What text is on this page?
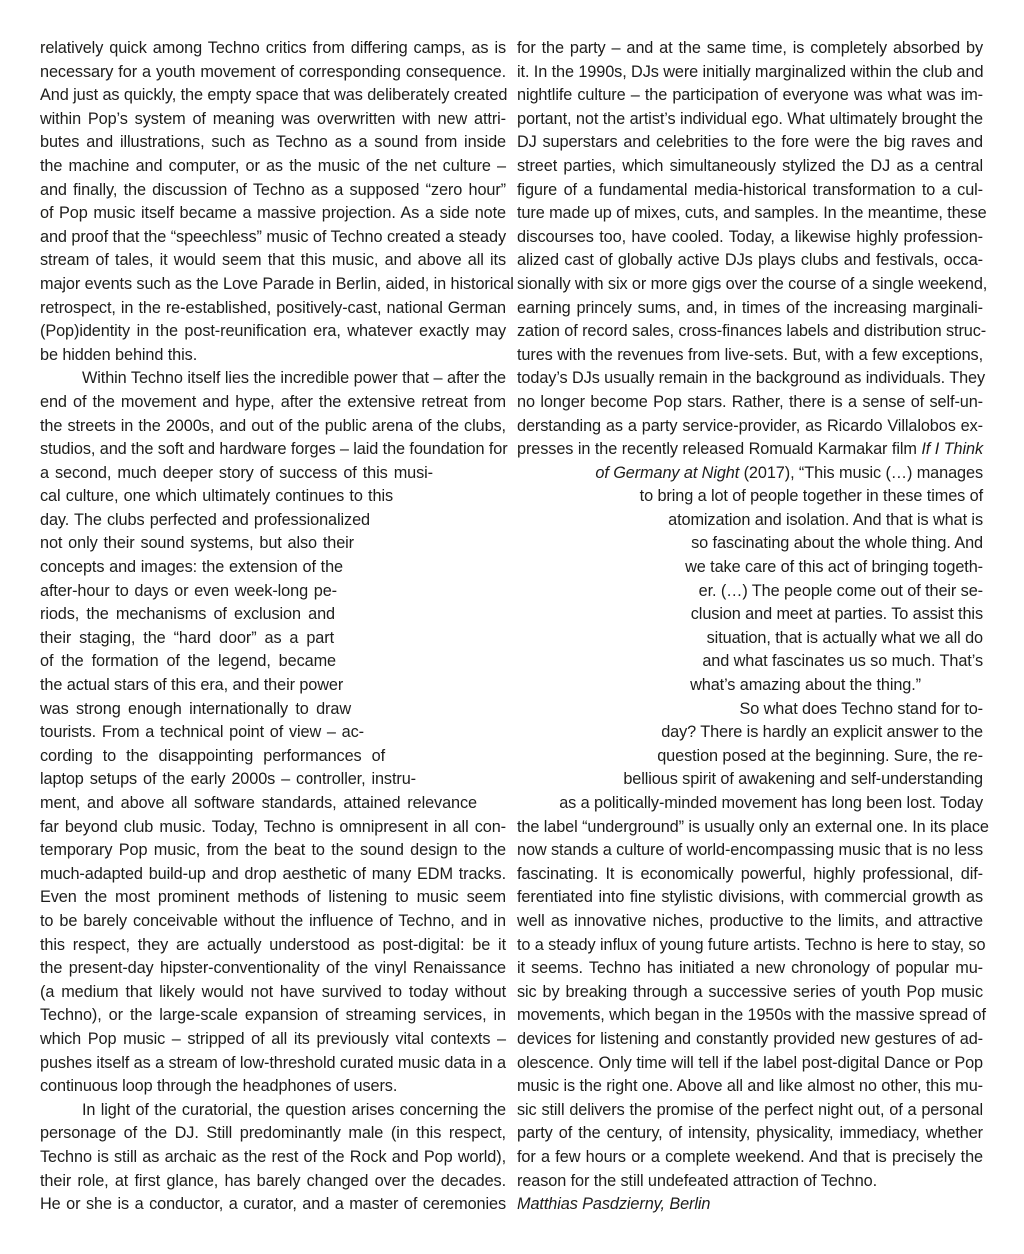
relatively quick among Techno critics from differing camps, as is
necessary for a youth movement of corresponding consequence.
And just as quickly, the empty space that was deliberately created
within Pop’s system of meaning was overwritten with new attri-
butes and illustrations, such as Techno as a sound from inside
the machine and computer, or as the music of the net culture –
and finally, the discussion of Techno as a supposed “zero hour”
of Pop music itself became a massive projection. As a side note
and proof that the “speechless” music of Techno created a steady
stream of tales, it would seem that this music, and above all its
major events such as the Love Parade in Berlin, aided, in historical
retrospect, in the re-established, positively-cast, national German
(Pop)identity in the post-reunification era, whatever exactly may
be hidden behind this.
Within Techno itself lies the incredible power that – after the
end of the movement and hype, after the extensive retreat from
the streets in the 2000s, and out of the public arena of the clubs,
studios, and the soft and hardware forges – laid the foundation for
a second, much deeper story of success of this musi-
cal culture, one which ultimately continues to this
day. The clubs perfected and professionalized
not only their sound systems, but also their
concepts and images: the extension of the
after-hour to days or even week-long pe-
riods, the mechanisms of exclusion and
their staging, the “hard door” as a part
of the formation of the legend, became
the actual stars of this era, and their power
was strong enough internationally to draw
tourists. From a technical point of view – ac-
cording to the disappointing performances of
laptop setups of the early 2000s – controller, instru-
ment, and above all software standards, attained relevance
far beyond club music. Today, Techno is omnipresent in all con-
temporary Pop music, from the beat to the sound design to the
much-adapted build-up and drop aesthetic of many EDM tracks.
Even the most prominent methods of listening to music seem
to be barely conceivable without the influence of Techno, and in
this respect, they are actually understood as post-digital: be it
the present-day hipster-conventionality of the vinyl Renaissance
(a medium that likely would not have survived to today without
Techno), or the large-scale expansion of streaming services, in
which Pop music – stripped of all its previously vital contexts –
pushes itself as a stream of low-threshold curated music data in a
continuous loop through the headphones of users.
In light of the curatorial, the question arises concerning the
personage of the DJ. Still predominantly male (in this respect,
Techno is still as archaic as the rest of the Rock and Pop world),
their role, at first glance, has barely changed over the decades.
He or she is a conductor, a curator, and a master of ceremonies
for the party – and at the same time, is completely absorbed by
it. In the 1990s, DJs were initially marginalized within the club and
nightlife culture – the participation of everyone was what was im-
portant, not the artist’s individual ego. What ultimately brought the
DJ superstars and celebrities to the fore were the big raves and
street parties, which simultaneously stylized the DJ as a central
figure of a fundamental media-historical transformation to a cul-
ture made up of mixes, cuts, and samples. In the meantime, these
discourses too, have cooled. Today, a likewise highly profession-
alized cast of globally active DJs plays clubs and festivals, occa-
sionally with six or more gigs over the course of a single weekend,
earning princely sums, and, in times of the increasing marginali-
zation of record sales, cross-finances labels and distribution struc-
tures with the revenues from live-sets. But, with a few exceptions,
today’s DJs usually remain in the background as individuals. They
no longer become Pop stars. Rather, there is a sense of self-un-
derstanding as a party service-provider, as Ricardo Villalobos ex-
presses in the recently released Romuald Karmakar film If I Think
of Germany at Night (2017), “This music (…) manages
to bring a lot of people together in these times of
atomization and isolation. And that is what is
so fascinating about the whole thing. And
we take care of this act of bringing togeth-
er. (…) The people come out of their se-
clusion and meet at parties. To assist this
situation, that is actually what we all do
and what fascinates us so much. That’s
what’s amazing about the thing.”
So what does Techno stand for to-
day? There is hardly an explicit answer to the
question posed at the beginning. Sure, the re-
bellious spirit of awakening and self-understanding
as a politically-minded movement has long been lost. Today
the label “underground” is usually only an external one. In its place
now stands a culture of world-encompassing music that is no less
fascinating. It is economically powerful, highly professional, dif-
ferentiated into fine stylistic divisions, with commercial growth as
well as innovative niches, productive to the limits, and attractive
to a steady influx of young future artists. Techno is here to stay, so
it seems. Techno has initiated a new chronology of popular mu-
sic by breaking through a successive series of youth Pop music
movements, which began in the 1950s with the massive spread of
devices for listening and constantly provided new gestures of ad-
olescence. Only time will tell if the label post-digital Dance or Pop
music is the right one. Above all and like almost no other, this mu-
sic still delivers the promise of the perfect night out, of a personal
party of the century, of intensity, physicality, immediacy, whether
for a few hours or a complete weekend. And that is precisely the
reason for the still undefeated attraction of Techno.
Matthias Pasdzierny, Berlin
